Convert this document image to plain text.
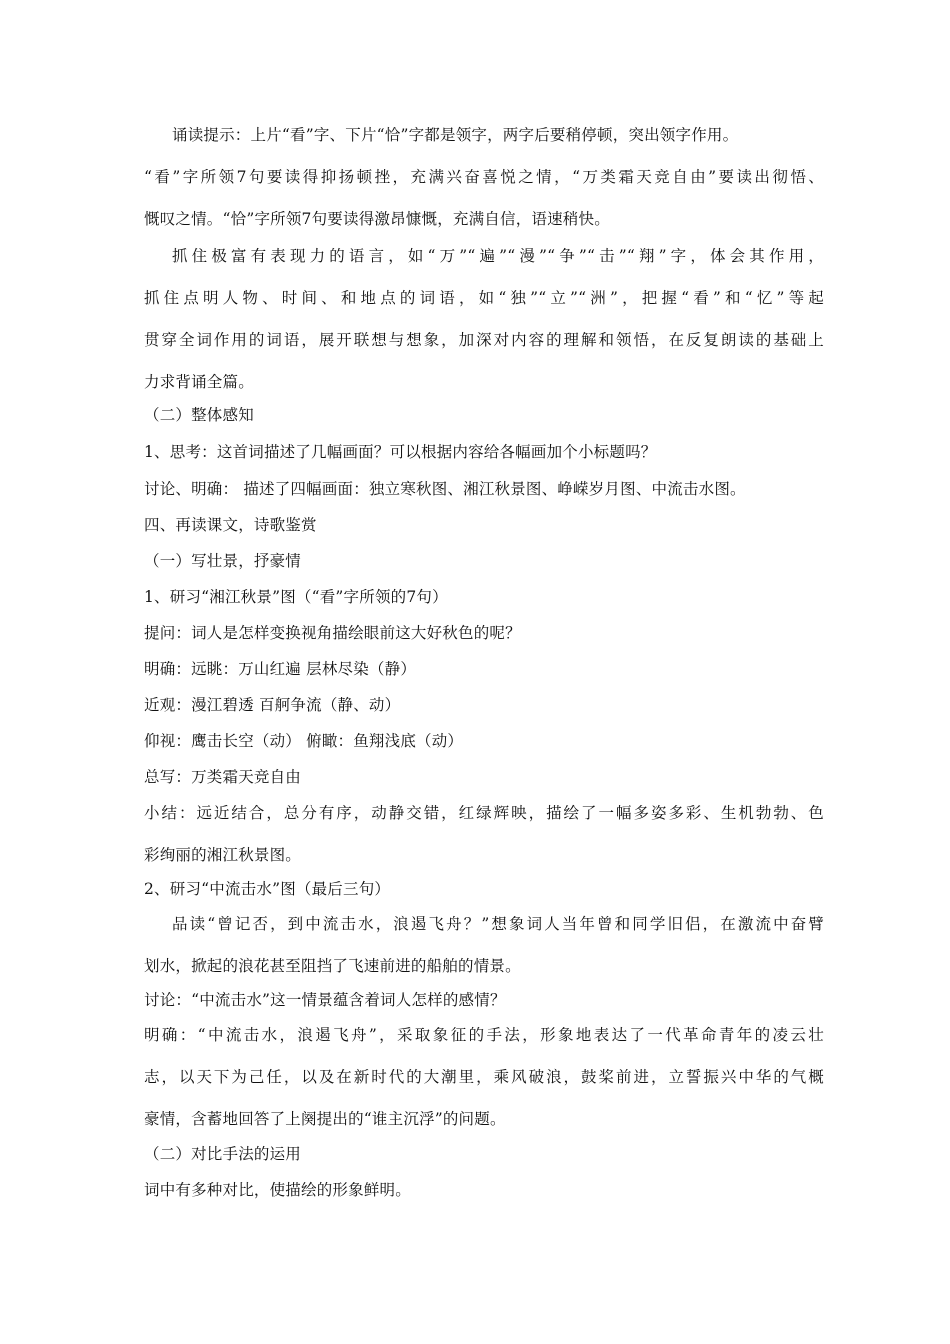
诵读提示：上片“看”字、下片“恰”字都是领字，两字后要稍停顿，突出领字作用。
“看”字所领7句要读得抑扬顿挫，充满兴奋喜悦之情，“万类霜天竞自由”要读出彻悟、
慨叹之情。“恰”字所领7句要读得激昂慷慨，充满自信，语速稍快。
抓住极富有表现力的语言，如“万”“遍”“漫”“争”“击”“翔”字，体会其作用，
抓住点明人物、时间、和地点的词语，如“独”“立”“洲”，把握“看”和“忆”等起
贯穿全词作用的词语，展开联想与想象，加深对内容的理解和领悟，在反复朗读的基础上
力求背诵全篇。
（二）整体感知
1、思考：这首词描述了几幅画面？可以根据内容给各幅画加个小标题吗？
讨论、明确： 描述了四幅画面：独立寒秋图、湘江秋景图、峥嵘岁月图、中流击水图。
四、再读课文，诗歌鉴赏
（一）写壮景，抒豪情
1、研习“湘江秋景”图（“看”字所领的7句）
提问：词人是怎样变换视角描绘眼前这大好秋色的呢？
明确：远眺：万山红遍 层林尽染（静）
近观：漫江碧透 百舸争流（静、动）
仰视：鹰击长空（动） 俯瞰：鱼翔浅底（动）
总写：万类霜天竞自由
小结：远近结合，总分有序，动静交错，红绿辉映，描绘了一幅多姿多彩、生机勃勃、色
彩绚丽的湘江秋景图。
2、研习“中流击水”图（最后三句）
品读“曾记否，到中流击水，浪遏飞舟？”想象词人当年曾和同学旧侣，在激流中奋臂
划水，掀起的浪花甚至阻挡了飞速前进的船舶的情景。
讨论：“中流击水”这一情景蕴含着词人怎样的感情？
明确：“中流击水，浪遏飞舟”，采取象征的手法，形象地表达了一代革命青年的凌云壮
志，以天下为己任，以及在新时代的大潮里，乘风破浪，鼓桨前进，立誓振兴中华的气概
豪情，含蓄地回答了上阕提出的“谁主沉浮”的问题。
（二）对比手法的运用
词中有多种对比，使描绘的形象鲜明。
